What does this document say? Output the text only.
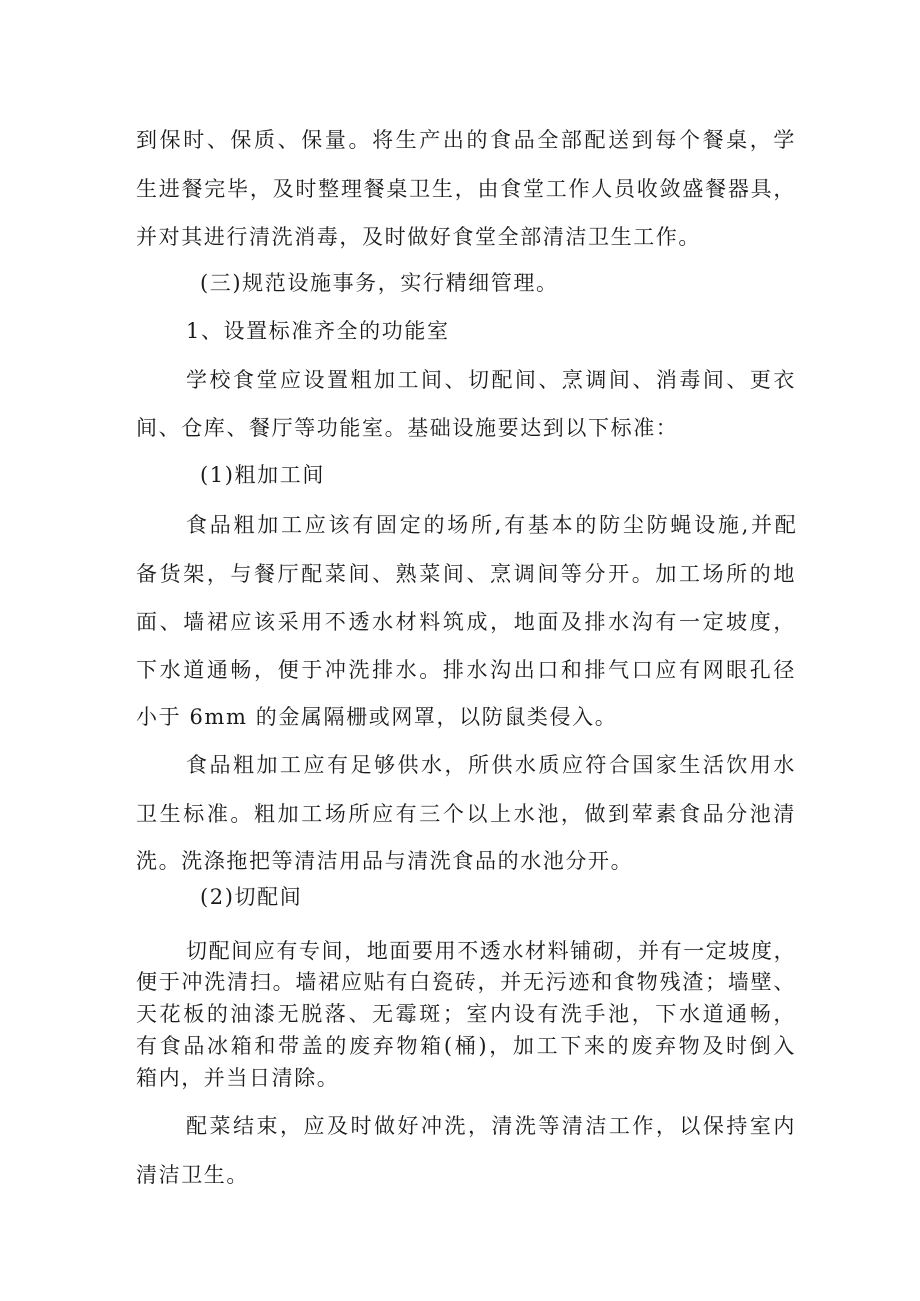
到保时、保质、保量。将生产出的食品全部配送到每个餐桌，学
生进餐完毕，及时整理餐桌卫生，由食堂工作人员收敛盛餐器具，
并对其进行清洗消毒，及时做好食堂全部清洁卫生工作。
(三)规范设施事务，实行精细管理。
1、设置标准齐全的功能室
学校食堂应设置粗加工间、切配间、烹调间、消毒间、更衣
间、仓库、餐厅等功能室。基础设施要达到以下标准：
(1)粗加工间
食品粗加工应该有固定的场所,有基本的防尘防蝇设施,并配
备货架，与餐厅配菜间、熟菜间、烹调间等分开。加工场所的地
面、墙裙应该采用不透水材料筑成，地面及排水沟有一定坡度，
下水道通畅，便于冲洗排水。排水沟出口和排气口应有网眼孔径
小于 6mm 的金属隔栅或网罩，以防鼠类侵入。
食品粗加工应有足够供水，所供水质应符合国家生活饮用水
卫生标准。粗加工场所应有三个以上水池，做到荤素食品分池清
洗。洗涤拖把等清洁用品与清洗食品的水池分开。
(2)切配间
切配间应有专间，地面要用不透水材料铺砌，并有一定坡度，
便于冲洗清扫。墙裙应贴有白瓷砖，并无污迹和食物残渣；墙壁、
天花板的油漆无脱落、无霉斑；室内设有洗手池，下水道通畅，
有食品冰箱和带盖的废弃物箱(桶)，加工下来的废弃物及时倒入
箱内，并当日清除。
配菜结束，应及时做好冲洗，清洗等清洁工作，以保持室内
清洁卫生。
